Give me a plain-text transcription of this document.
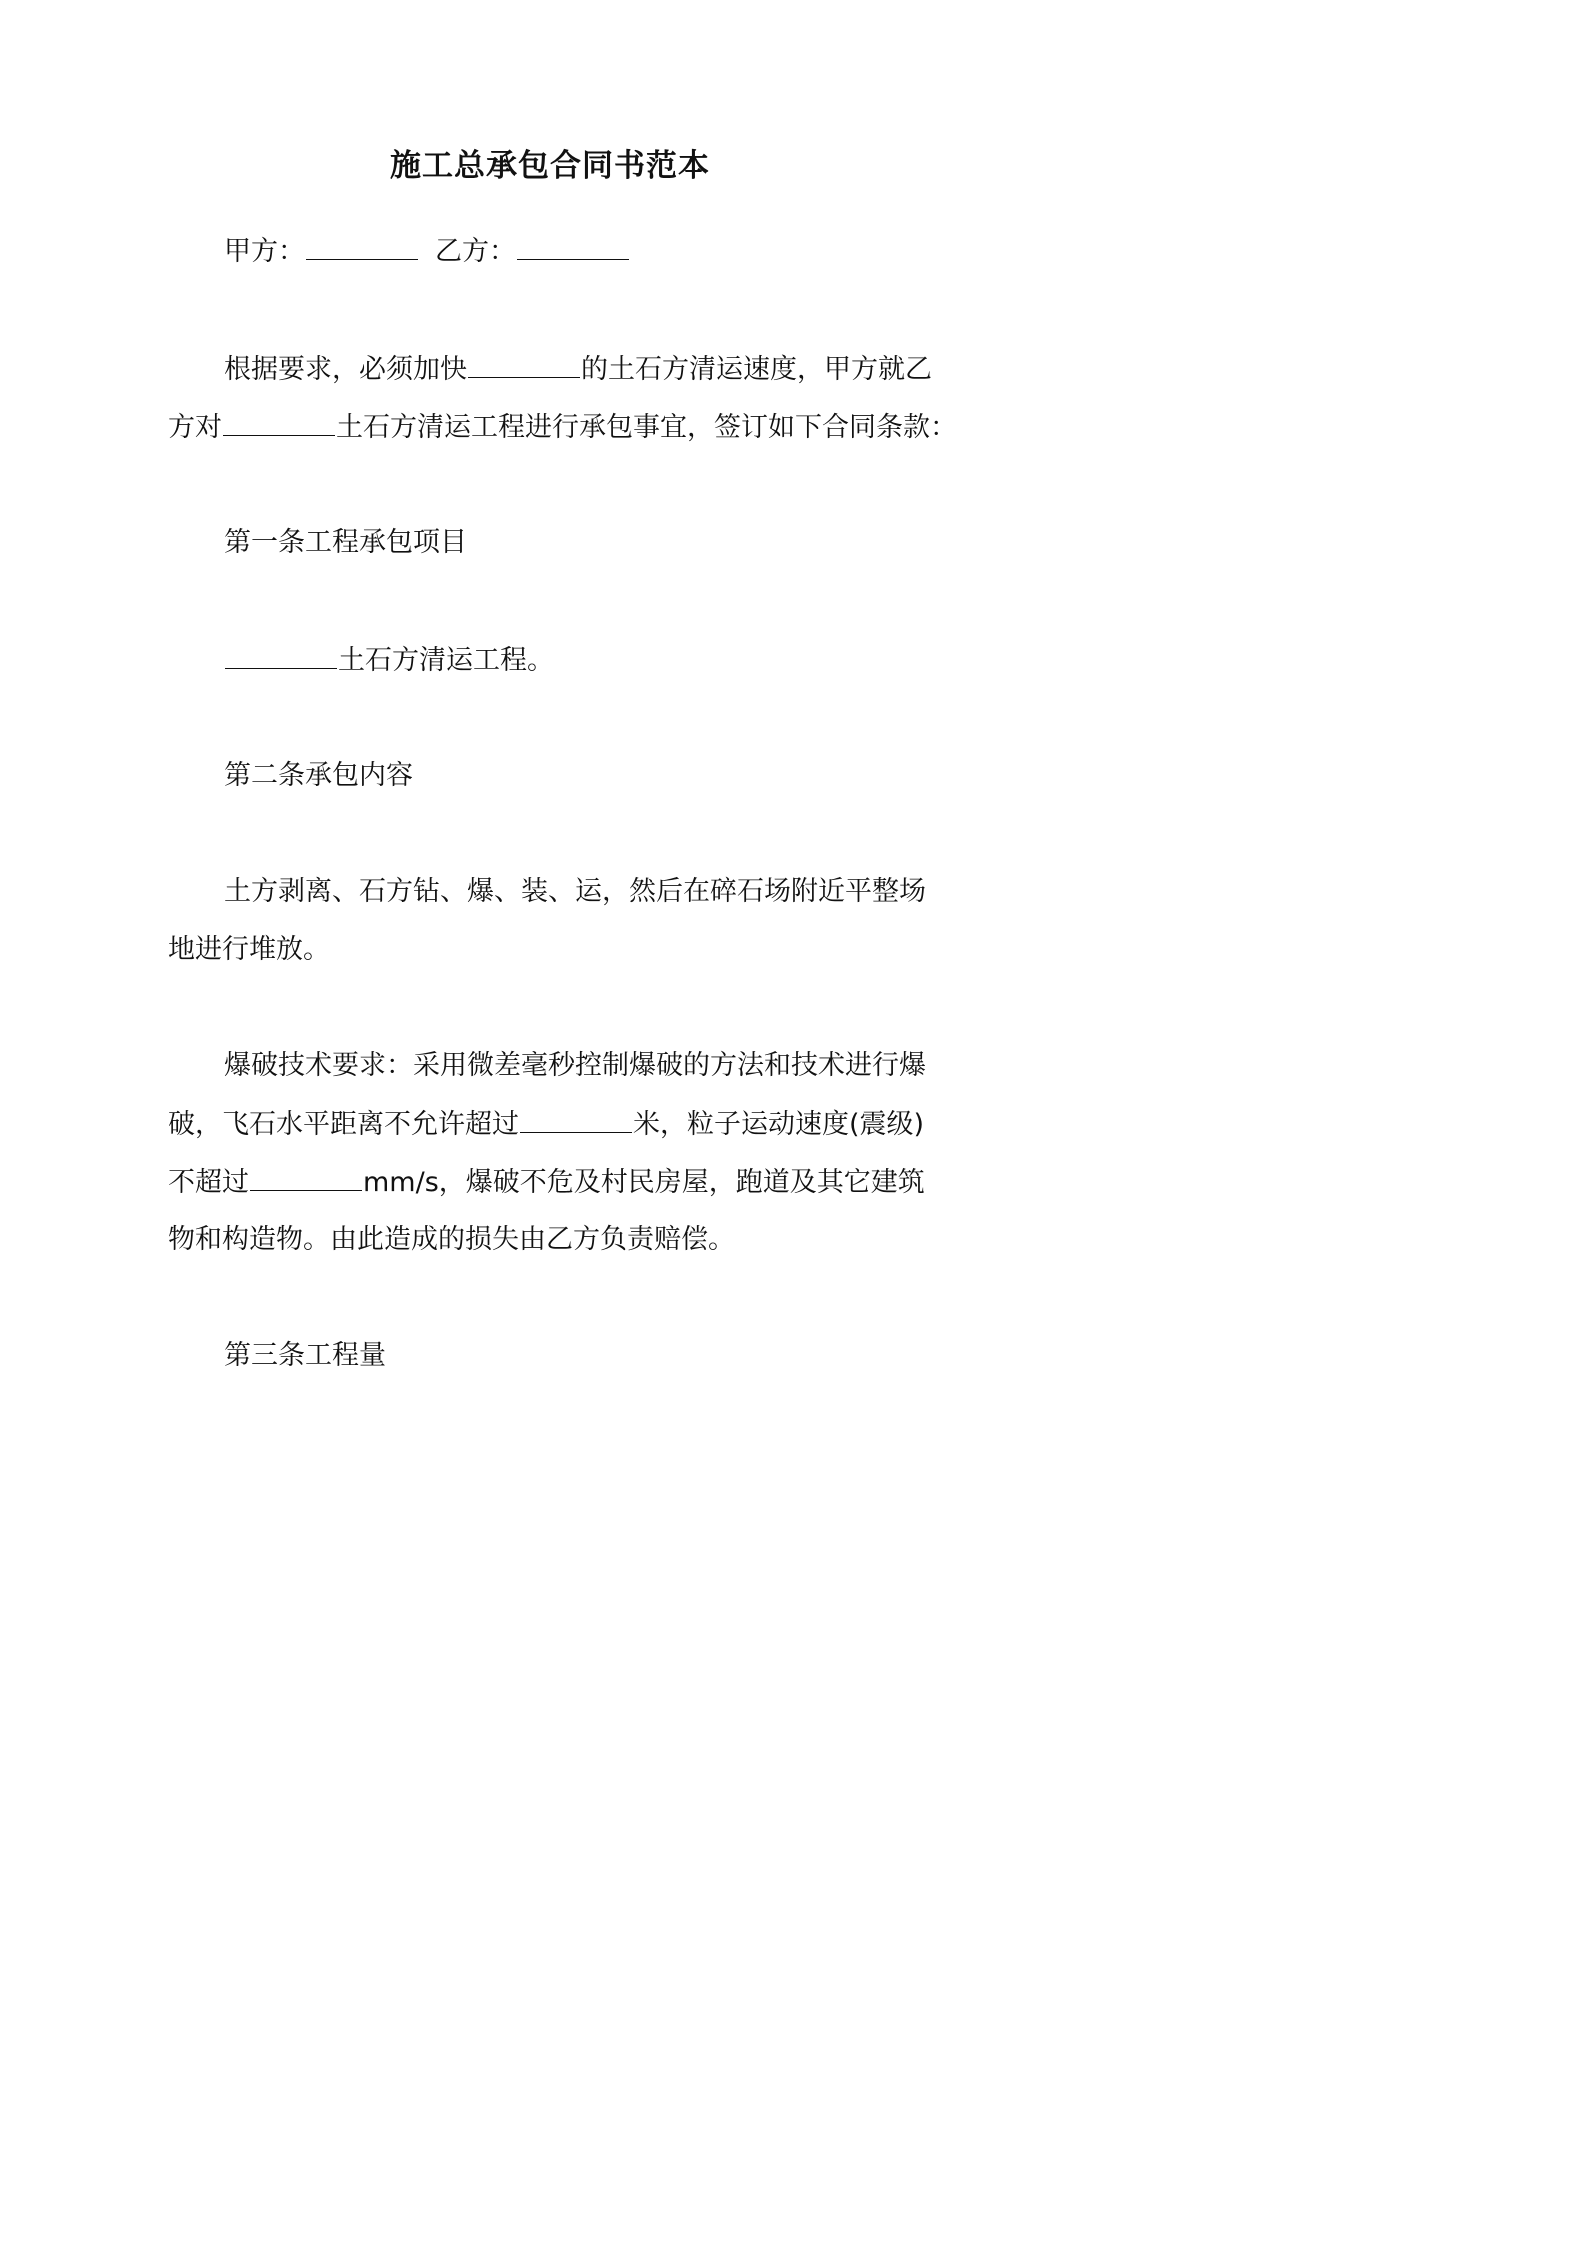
施工总承包合同书范本
甲方：	乙方：
根据要求，必须加快	的土石方清运速度，甲方就乙
方对	土石方清运工程进行承包事宜，签订如下合同条款：
第一条工程承包项目
土石方清运工程。
第二条承包内容
土方剥离、石方钻、爆、装、运，然后在碎石场附近平整场
地进行堆放。
爆破技术要求：采用微差毫秒控制爆破的方法和技术进行爆
破，飞石水平距离不允许超过	米，粒子运动速度(震级)
不超过	mm/s，爆破不危及村民房屋，跑道及其它建筑
物和构造物。由此造成的损失由乙方负责赔偿。
第三条工程量
